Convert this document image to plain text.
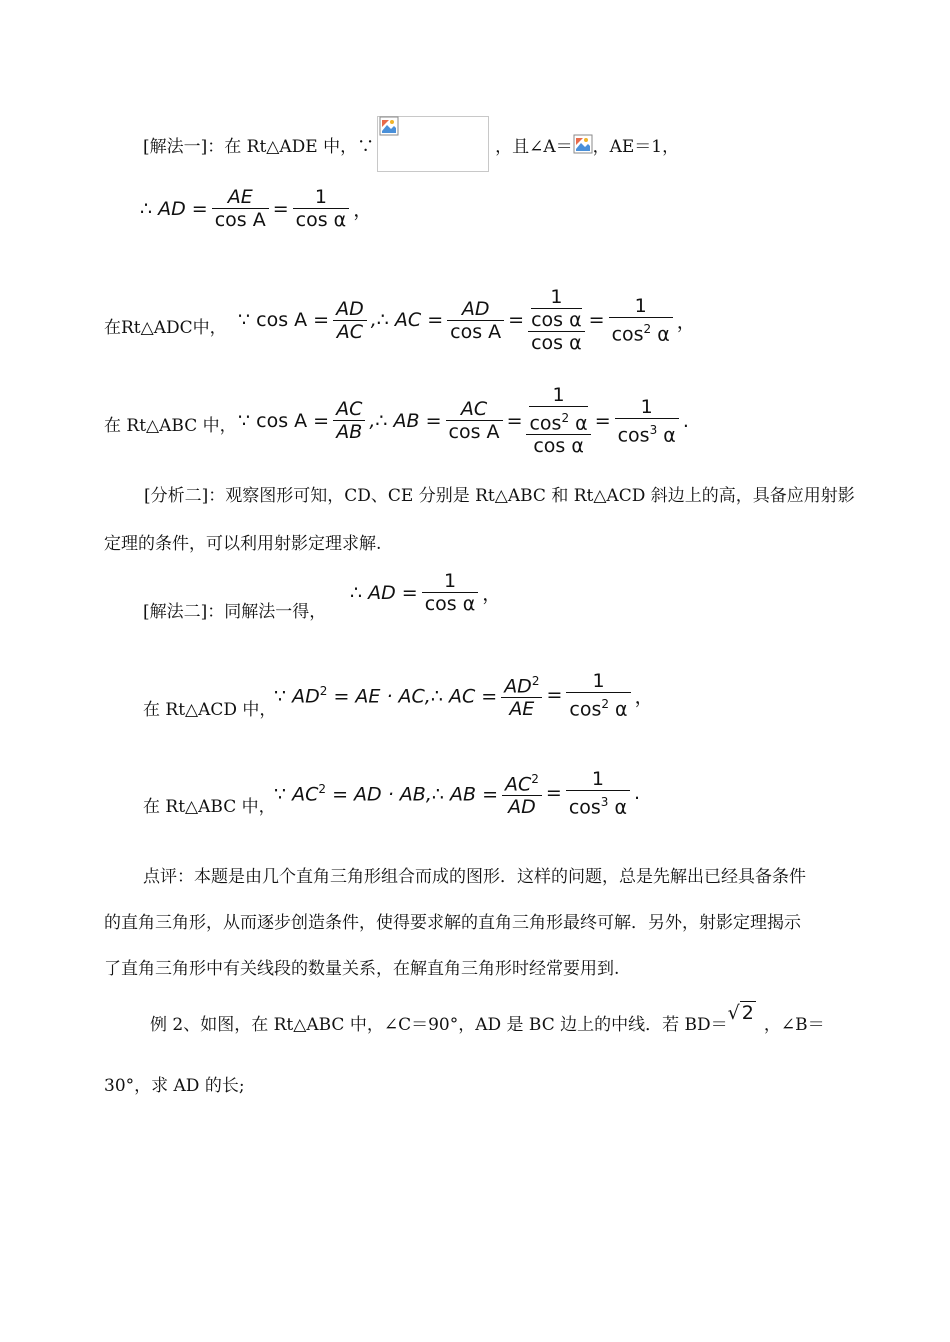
[解法一]：在 Rt△ADE 中，∵	，且∠A＝ ，AE＝1，
∴ AD = $\frac{AE}{\text{cos A}} = \frac{1}{\text{cos α}}$ ，
在Rt△ADC中， ∵ $\cos A = \frac{AD}{AC}$ ,∴ AC = $\frac{AD}{\text{cos A}} = 1$
cos α
$\cos \alpha = \frac{1}{\cos^2 \alpha}$ ，
在 Rt△ABC 中， ∵ $\cos A = \frac{AC}{AB}$ ,∴ AB = $\frac{AC}{\text{cos A}} = 1$
$\cos^2 \alpha$
$\cos \alpha = \frac{1}{\cos^3 \alpha}$ .
[分析二]：观察图形可知，CD、CE 分别是 Rt△ABC 和 Rt△ACD 斜边上的高，具备应用射影

定理的条件，可以利用射影定理求解.
[解法二]：同解法一得，
∴ AD = $\frac{1}{\text{cos α}}$ ，
在 Rt△ACD 中，
∵ $AD^2$ = AE · AC,∴ AC = $\frac{AD^2}{AE} = \frac{1}{\cos^2 \alpha}$ ，
在 Rt△ABC 中，
∵ $AC^2$ = AD · AB,∴ AB = $\frac{AC^2}{AD} = \frac{1}{\cos^3 \alpha}$ .
点评：本题是由几个直角三角形组合而成的图形．这样的问题，总是先解出已经具备条件
的直角三角形，从而逐步创造条件，使得要求解的直角三角形最终可解．另外，射影定理揭示
了直角三角形中有关线段的数量关系，在解直角三角形时经常要用到.
例 2、如图，在 Rt△ABC 中，∠C＝90°，AD 是 BC 边上的中线．若 BD＝
√ 2
，∠B＝
30°，求 AD 的长;
